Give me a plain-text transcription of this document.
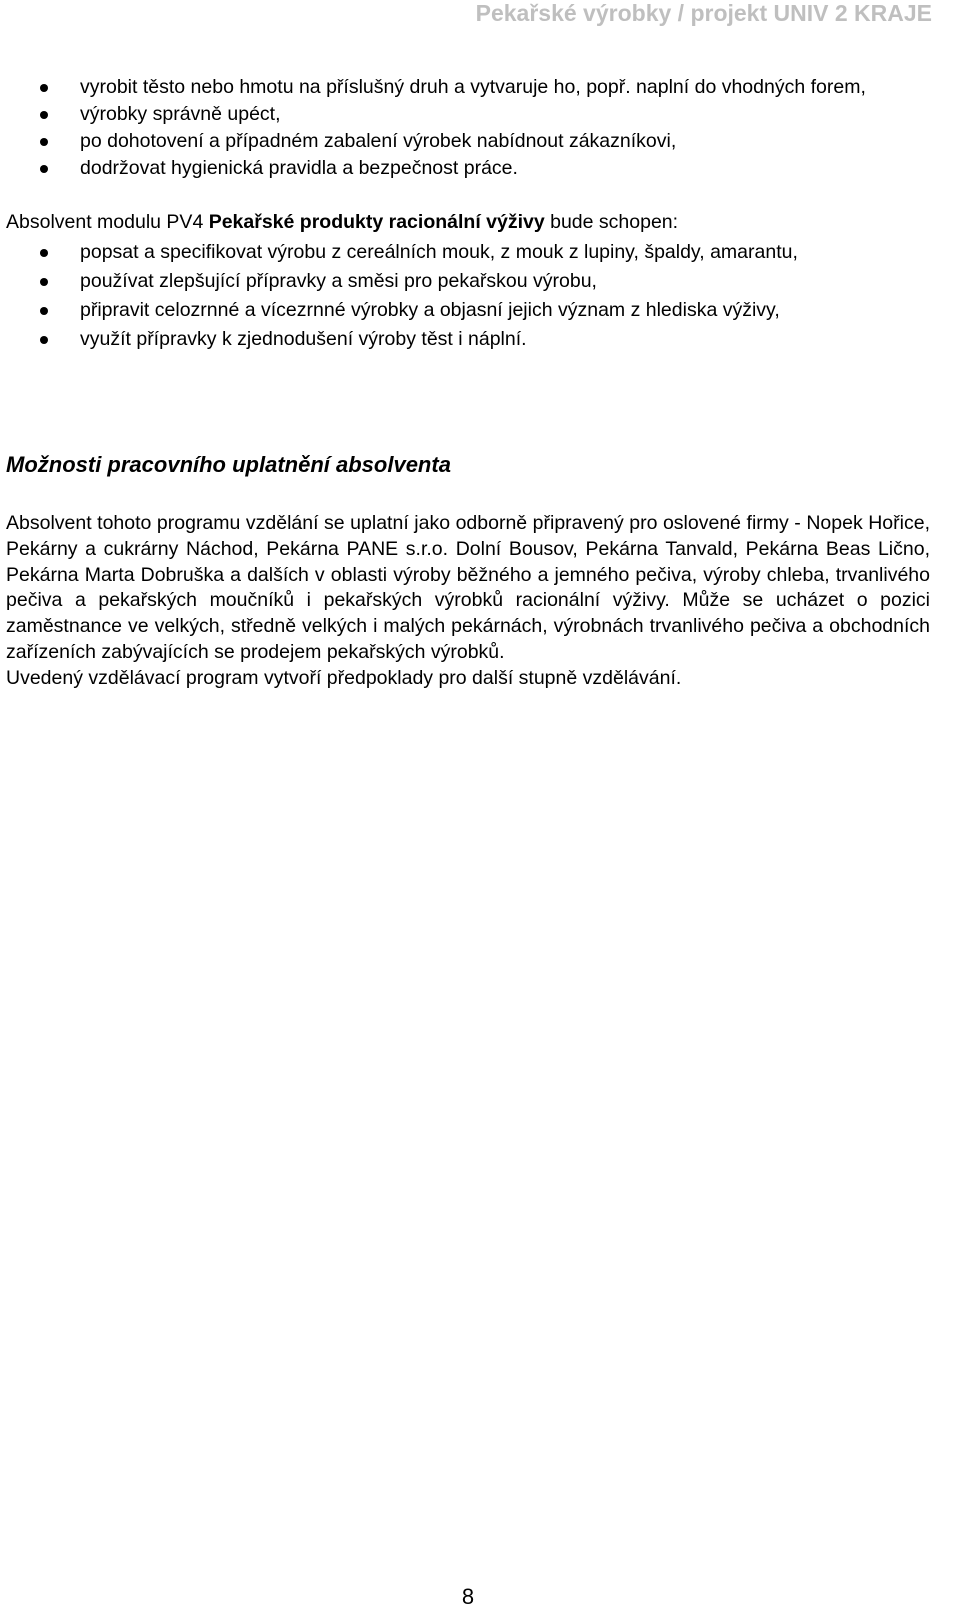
Pekařské výrobky / projekt UNIV 2 KRAJE
vyrobit těsto nebo hmotu na příslušný druh a vytvaruje ho, popř. naplní do vhodných forem,
výrobky správně upéct,
po dohotovení a případném zabalení výrobek nabídnout zákazníkovi,
dodržovat hygienická pravidla a bezpečnost práce.

Absolvent modulu PV4 Pekařské produkty racionální výživy bude schopen:

popsat a specifikovat výrobu z cereálních mouk, z mouk z lupiny, špaldy, amarantu,
používat zlepšující přípravky a směsi pro pekařskou výrobu,
připravit celozrnné a vícezrnné výrobky a objasní jejich význam z hlediska výživy,
využít přípravky k zjednodušení výroby těst i náplní.

Možnosti pracovního uplatnění absolventa

Absolvent tohoto programu vzdělání se uplatní jako odborně připravený pro oslovené firmy - Nopek Hořice, Pekárny a cukrárny Náchod, Pekárna PANE s.r.o. Dolní Bousov, Pekárna Tanvald, Pekárna Beas Lično, Pekárna Marta Dobruška a dalších v oblasti výroby běžného a jemného pečiva, výroby chleba, trvanlivého pečiva a pekařských moučníků i pekařských výrobků racionální výživy. Může se ucházet o pozici zaměstnance ve velkých, středně velkých i malých pekárnách, výrobnách trvanlivého pečiva a obchodních zařízeních zabývajících se prodejem pekařských výrobků.

Uvedený vzdělávací program vytvoří předpoklady pro další stupně vzdělávání.

8
